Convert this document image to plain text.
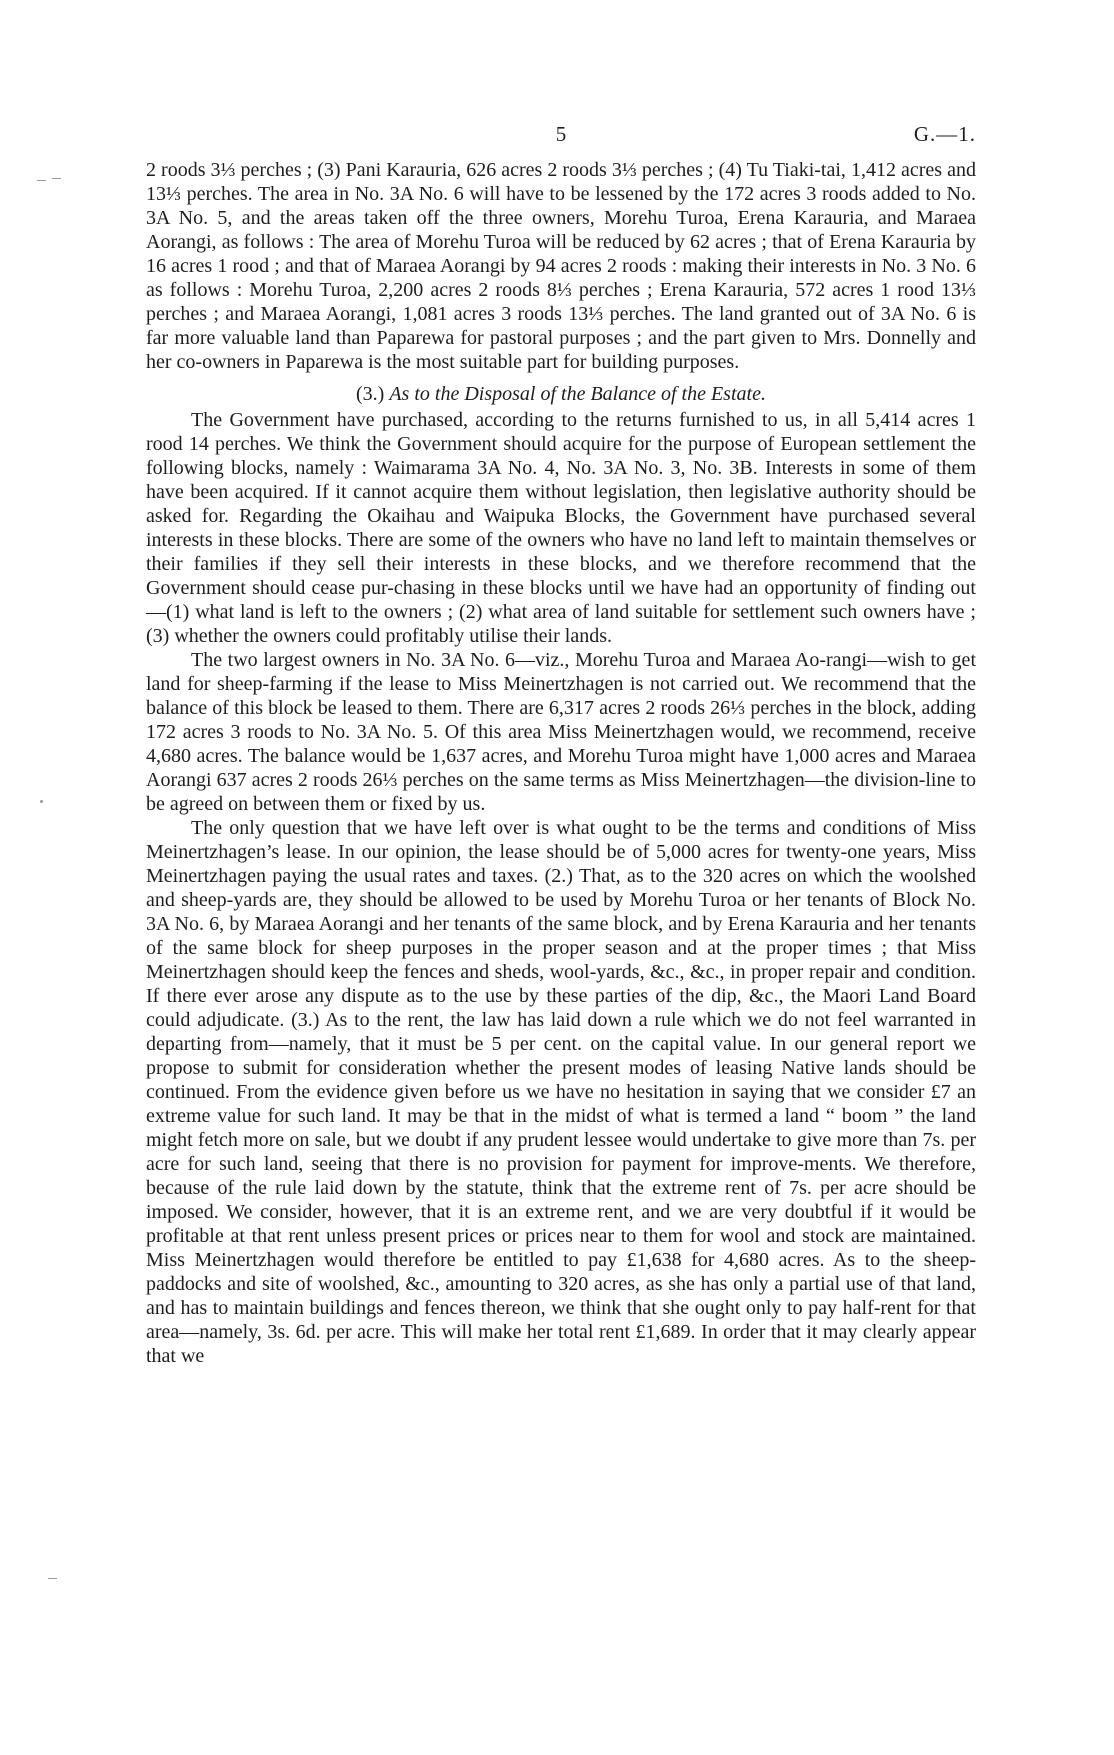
5	G.—1.

2 roods 3⅓ perches ; (3) Pani Karauria, 626 acres 2 roods 3⅓ perches ; (4) Tu Tiaki-tai, 1,412 acres and 13⅓ perches. The area in No. 3A No. 6 will have to be lessened by the 172 acres 3 roods added to No. 3A No. 5, and the areas taken off the three owners, Morehu Turoa, Erena Karauria, and Maraea Aorangi, as follows : The area of Morehu Turoa will be reduced by 62 acres ; that of Erena Karauria by 16 acres 1 rood ; and that of Maraea Aorangi by 94 acres 2 roods : making their interests in No. 3 No. 6 as follows : Morehu Turoa, 2,200 acres 2 roods 8⅓ perches ; Erena Karauria, 572 acres 1 rood 13⅓ perches ; and Maraea Aorangi, 1,081 acres 3 roods 13⅓ perches. The land granted out of 3A No. 6 is far more valuable land than Paparewa for pastoral purposes ; and the part given to Mrs. Donnelly and her co-owners in Paparewa is the most suitable part for building purposes.

(3.) As to the Disposal of the Balance of the Estate.

The Government have purchased, according to the returns furnished to us, in all 5,414 acres 1 rood 14 perches. We think the Government should acquire for the purpose of European settlement the following blocks, namely : Waimarama 3A No. 4, No. 3A No. 3, No. 3B. Interests in some of them have been acquired. If it cannot acquire them without legislation, then legislative authority should be asked for. Regarding the Okaihau and Waipuka Blocks, the Government have purchased several interests in these blocks. There are some of the owners who have no land left to maintain themselves or their families if they sell their interests in these blocks, and we therefore recommend that the Government should cease pur-chasing in these blocks until we have had an opportunity of finding out—(1) what land is left to the owners ; (2) what area of land suitable for settlement such owners have ; (3) whether the owners could profitably utilise their lands.

The two largest owners in No. 3A No. 6—viz., Morehu Turoa and Maraea Ao-rangi—wish to get land for sheep-farming if the lease to Miss Meinertzhagen is not carried out. We recommend that the balance of this block be leased to them. There are 6,317 acres 2 roods 26⅓ perches in the block, adding 172 acres 3 roods to No. 3A No. 5. Of this area Miss Meinertzhagen would, we recommend, receive 4,680 acres. The balance would be 1,637 acres, and Morehu Turoa might have 1,000 acres and Maraea Aorangi 637 acres 2 roods 26⅓ perches on the same terms as Miss Meinertzhagen—the division-line to be agreed on between them or fixed by us.

The only question that we have left over is what ought to be the terms and conditions of Miss Meinertzhagen’s lease. In our opinion, the lease should be of 5,000 acres for twenty-one years, Miss Meinertzhagen paying the usual rates and taxes. (2.) That, as to the 320 acres on which the woolshed and sheep-yards are, they should be allowed to be used by Morehu Turoa or her tenants of Block No. 3A No. 6, by Maraea Aorangi and her tenants of the same block, and by Erena Karauria and her tenants of the same block for sheep purposes in the proper season and at the proper times ; that Miss Meinertzhagen should keep the fences and sheds, wool-yards, &c., &c., in proper repair and condition. If there ever arose any dispute as to the use by these parties of the dip, &c., the Maori Land Board could adjudicate. (3.) As to the rent, the law has laid down a rule which we do not feel warranted in departing from—namely, that it must be 5 per cent. on the capital value. In our general report we propose to submit for consideration whether the present modes of leasing Native lands should be continued. From the evidence given before us we have no hesitation in saying that we consider £7 an extreme value for such land. It may be that in the midst of what is termed a land “ boom ” the land might fetch more on sale, but we doubt if any prudent lessee would undertake to give more than 7s. per acre for such land, seeing that there is no provision for payment for improve-ments. We therefore, because of the rule laid down by the statute, think that the extreme rent of 7s. per acre should be imposed. We consider, however, that it is an extreme rent, and we are very doubtful if it would be profitable at that rent unless present prices or prices near to them for wool and stock are maintained. Miss Meinertzhagen would therefore be entitled to pay £1,638 for 4,680 acres. As to the sheep-paddocks and site of woolshed, &c., amounting to 320 acres, as she has only a partial use of that land, and has to maintain buildings and fences thereon, we think that she ought only to pay half-rent for that area—namely, 3s. 6d. per acre. This will make her total rent £1,689. In order that it may clearly appear that we
